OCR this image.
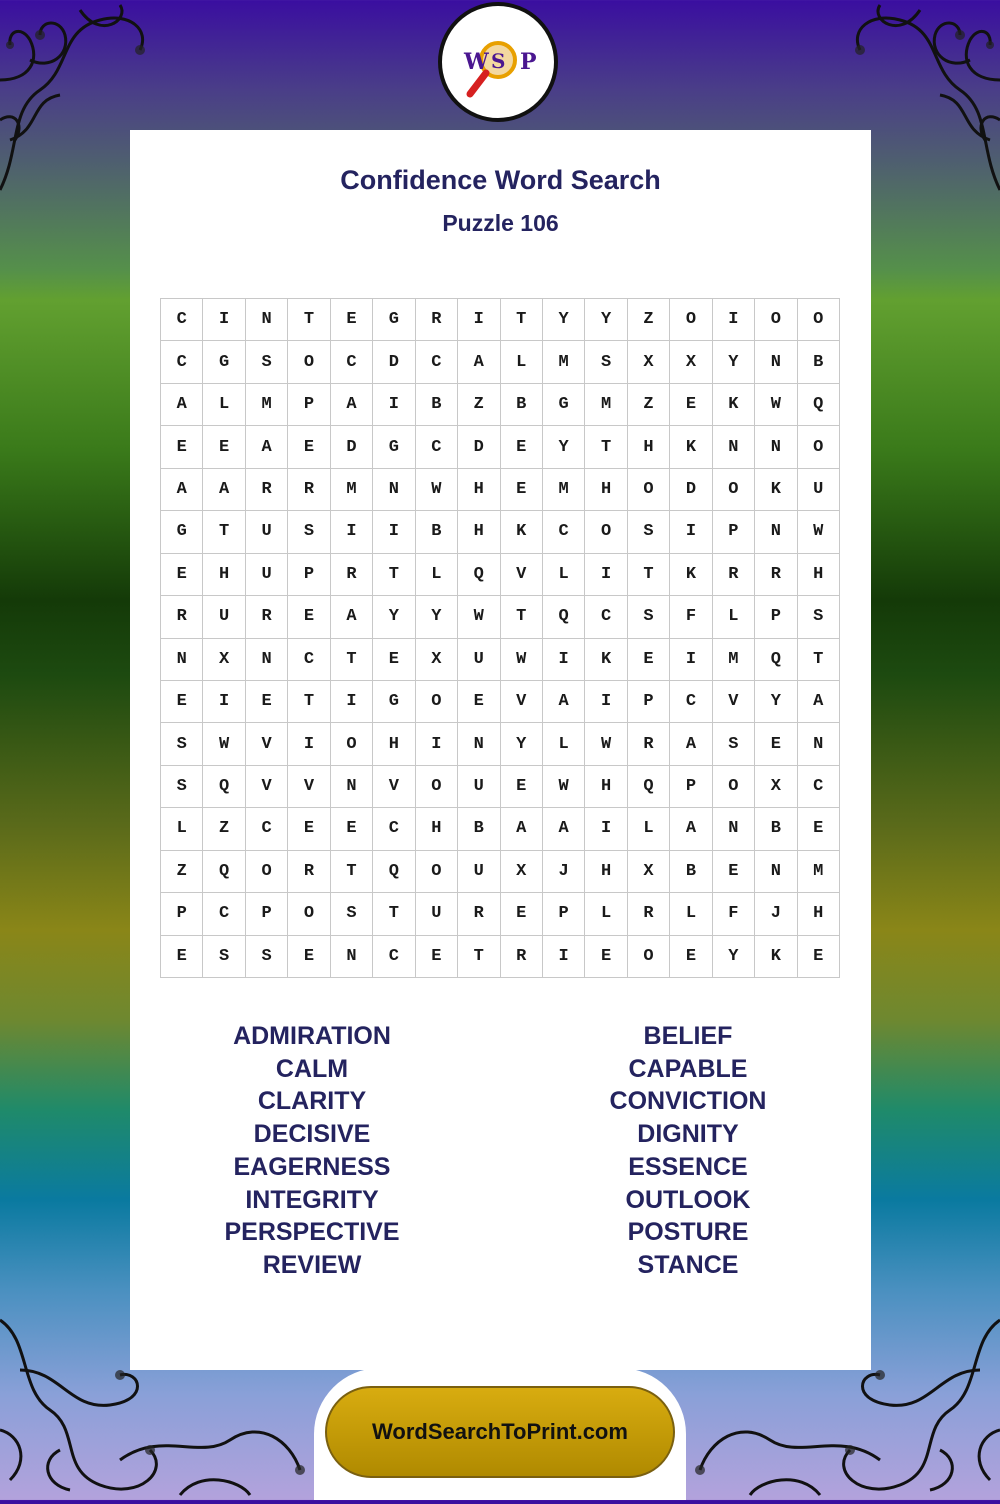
W S P
Confidence Word Search
Puzzle 106
C	I	N	T	E	G	R	I	T	Y	Y	Z	O	I	O	O
C	G	S	O	C	D	C	A	L	M	S	X	X	Y	N	B
A	L	M	P	A	I	B	Z	B	G	M	Z	E	K	W	Q
E	E	A	E	D	G	C	D	E	Y	T	H	K	N	N	O
A	A	R	R	M	N	W	H	E	M	H	O	D	O	K	U
G	T	U	S	I	I	B	H	K	C	O	S	I	P	N	W
E	H	U	P	R	T	L	Q	V	L	I	T	K	R	R	H
R	U	R	E	A	Y	Y	W	T	Q	C	S	F	L	P	S
N	X	N	C	T	E	X	U	W	I	K	E	I	M	Q	T
E	I	E	T	I	G	O	E	V	A	I	P	C	V	Y	A
S	W	V	I	O	H	I	N	Y	L	W	R	A	S	E	N
S	Q	V	V	N	V	O	U	E	W	H	Q	P	O	X	C
L	Z	C	E	E	C	H	B	A	A	I	L	A	N	B	E
Z	Q	O	R	T	Q	O	U	X	J	H	X	B	E	N	M
P	C	P	O	S	T	U	R	E	P	L	R	L	F	J	H
E	S	S	E	N	C	E	T	R	I	E	O	E	Y	K	E
ADMIRATION
CALM
CLARITY
DECISIVE
EAGERNESS
INTEGRITY
PERSPECTIVE
REVIEW
BELIEF
CAPABLE
CONVICTION
DIGNITY
ESSENCE
OUTLOOK
POSTURE
STANCE
WordSearchToPrint.com
